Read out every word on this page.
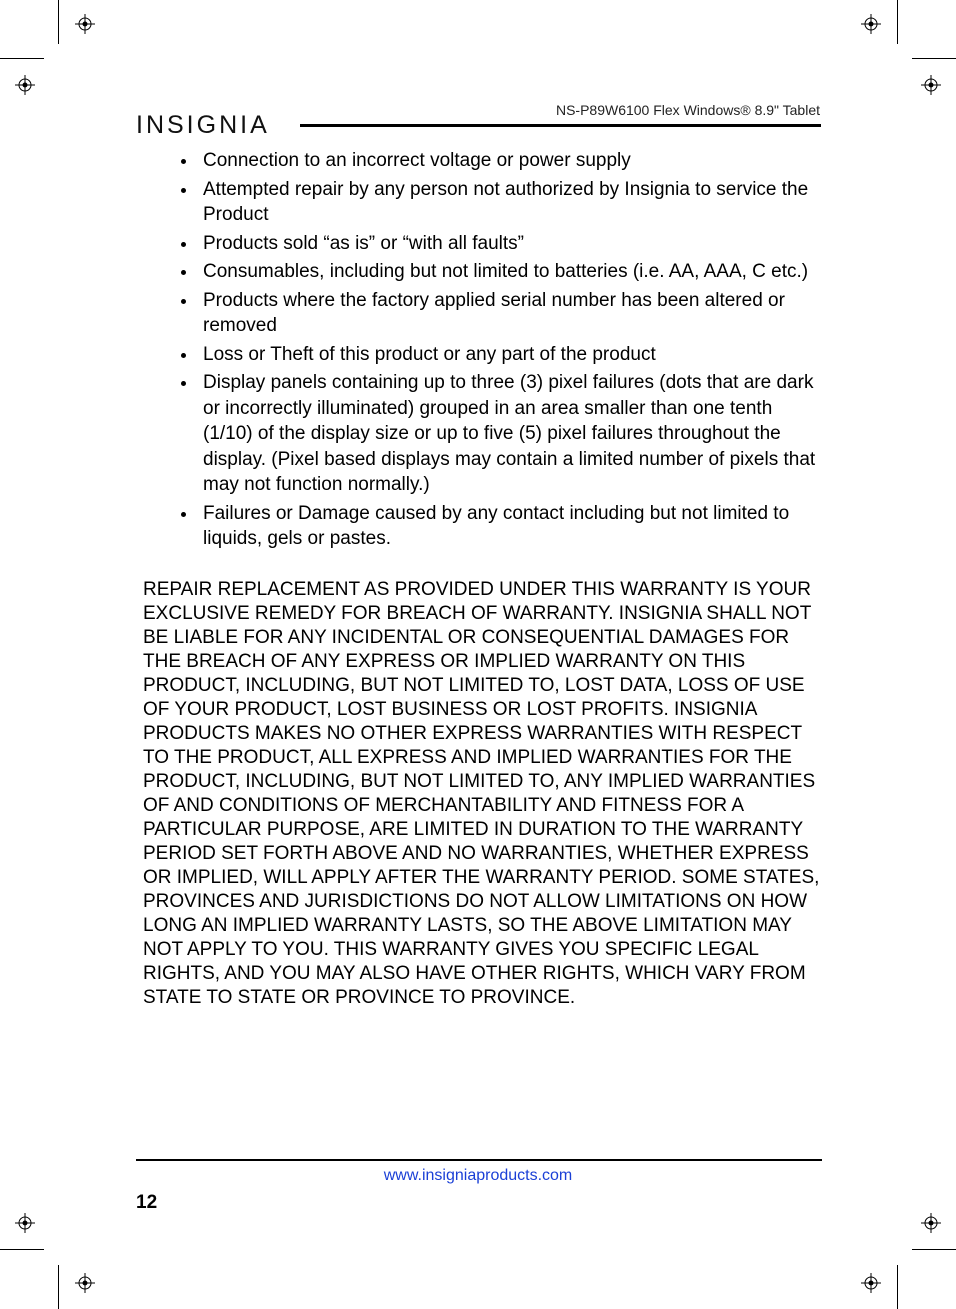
INSIGNIA
NS-P89W6100 Flex Windows® 8.9" Tablet
Connection to an incorrect voltage or power supply
Attempted repair by any person not authorized by Insignia to service the Product
Products sold “as is” or “with all faults”
Consumables, including but not limited to batteries (i.e. AA, AAA, C etc.)
Products where the factory applied serial number has been altered or removed
Loss or Theft of this product or any part of the product
Display panels containing up to three (3) pixel failures (dots that are dark or incorrectly illuminated) grouped in an area smaller than one tenth (1/10) of the display size or up to five (5) pixel failures throughout the display. (Pixel based displays may contain a limited number of pixels that may not function normally.)
Failures or Damage caused by any contact including but not limited to liquids, gels or pastes.

REPAIR REPLACEMENT AS PROVIDED UNDER THIS WARRANTY IS YOUR EXCLUSIVE REMEDY FOR BREACH OF WARRANTY. INSIGNIA SHALL NOT BE LIABLE FOR ANY INCIDENTAL OR CONSEQUENTIAL DAMAGES FOR THE BREACH OF ANY EXPRESS OR IMPLIED WARRANTY ON THIS PRODUCT, INCLUDING, BUT NOT LIMITED TO, LOST DATA, LOSS OF USE OF YOUR PRODUCT, LOST BUSINESS OR LOST PROFITS. INSIGNIA PRODUCTS MAKES NO OTHER EXPRESS WARRANTIES WITH RESPECT TO THE PRODUCT, ALL EXPRESS AND IMPLIED WARRANTIES FOR THE PRODUCT, INCLUDING, BUT NOT LIMITED TO, ANY IMPLIED WARRANTIES OF AND CONDITIONS OF MERCHANTABILITY AND FITNESS FOR A PARTICULAR PURPOSE, ARE LIMITED IN DURATION TO THE WARRANTY PERIOD SET FORTH ABOVE AND NO WARRANTIES, WHETHER EXPRESS OR IMPLIED, WILL APPLY AFTER THE WARRANTY PERIOD. SOME STATES, PROVINCES AND JURISDICTIONS DO NOT ALLOW LIMITATIONS ON HOW LONG AN IMPLIED WARRANTY LASTS, SO THE ABOVE LIMITATION MAY NOT APPLY TO YOU. THIS WARRANTY GIVES YOU SPECIFIC LEGAL RIGHTS, AND YOU MAY ALSO HAVE OTHER RIGHTS, WHICH VARY FROM STATE TO STATE OR PROVINCE TO PROVINCE.

www.insigniaproducts.com
12
